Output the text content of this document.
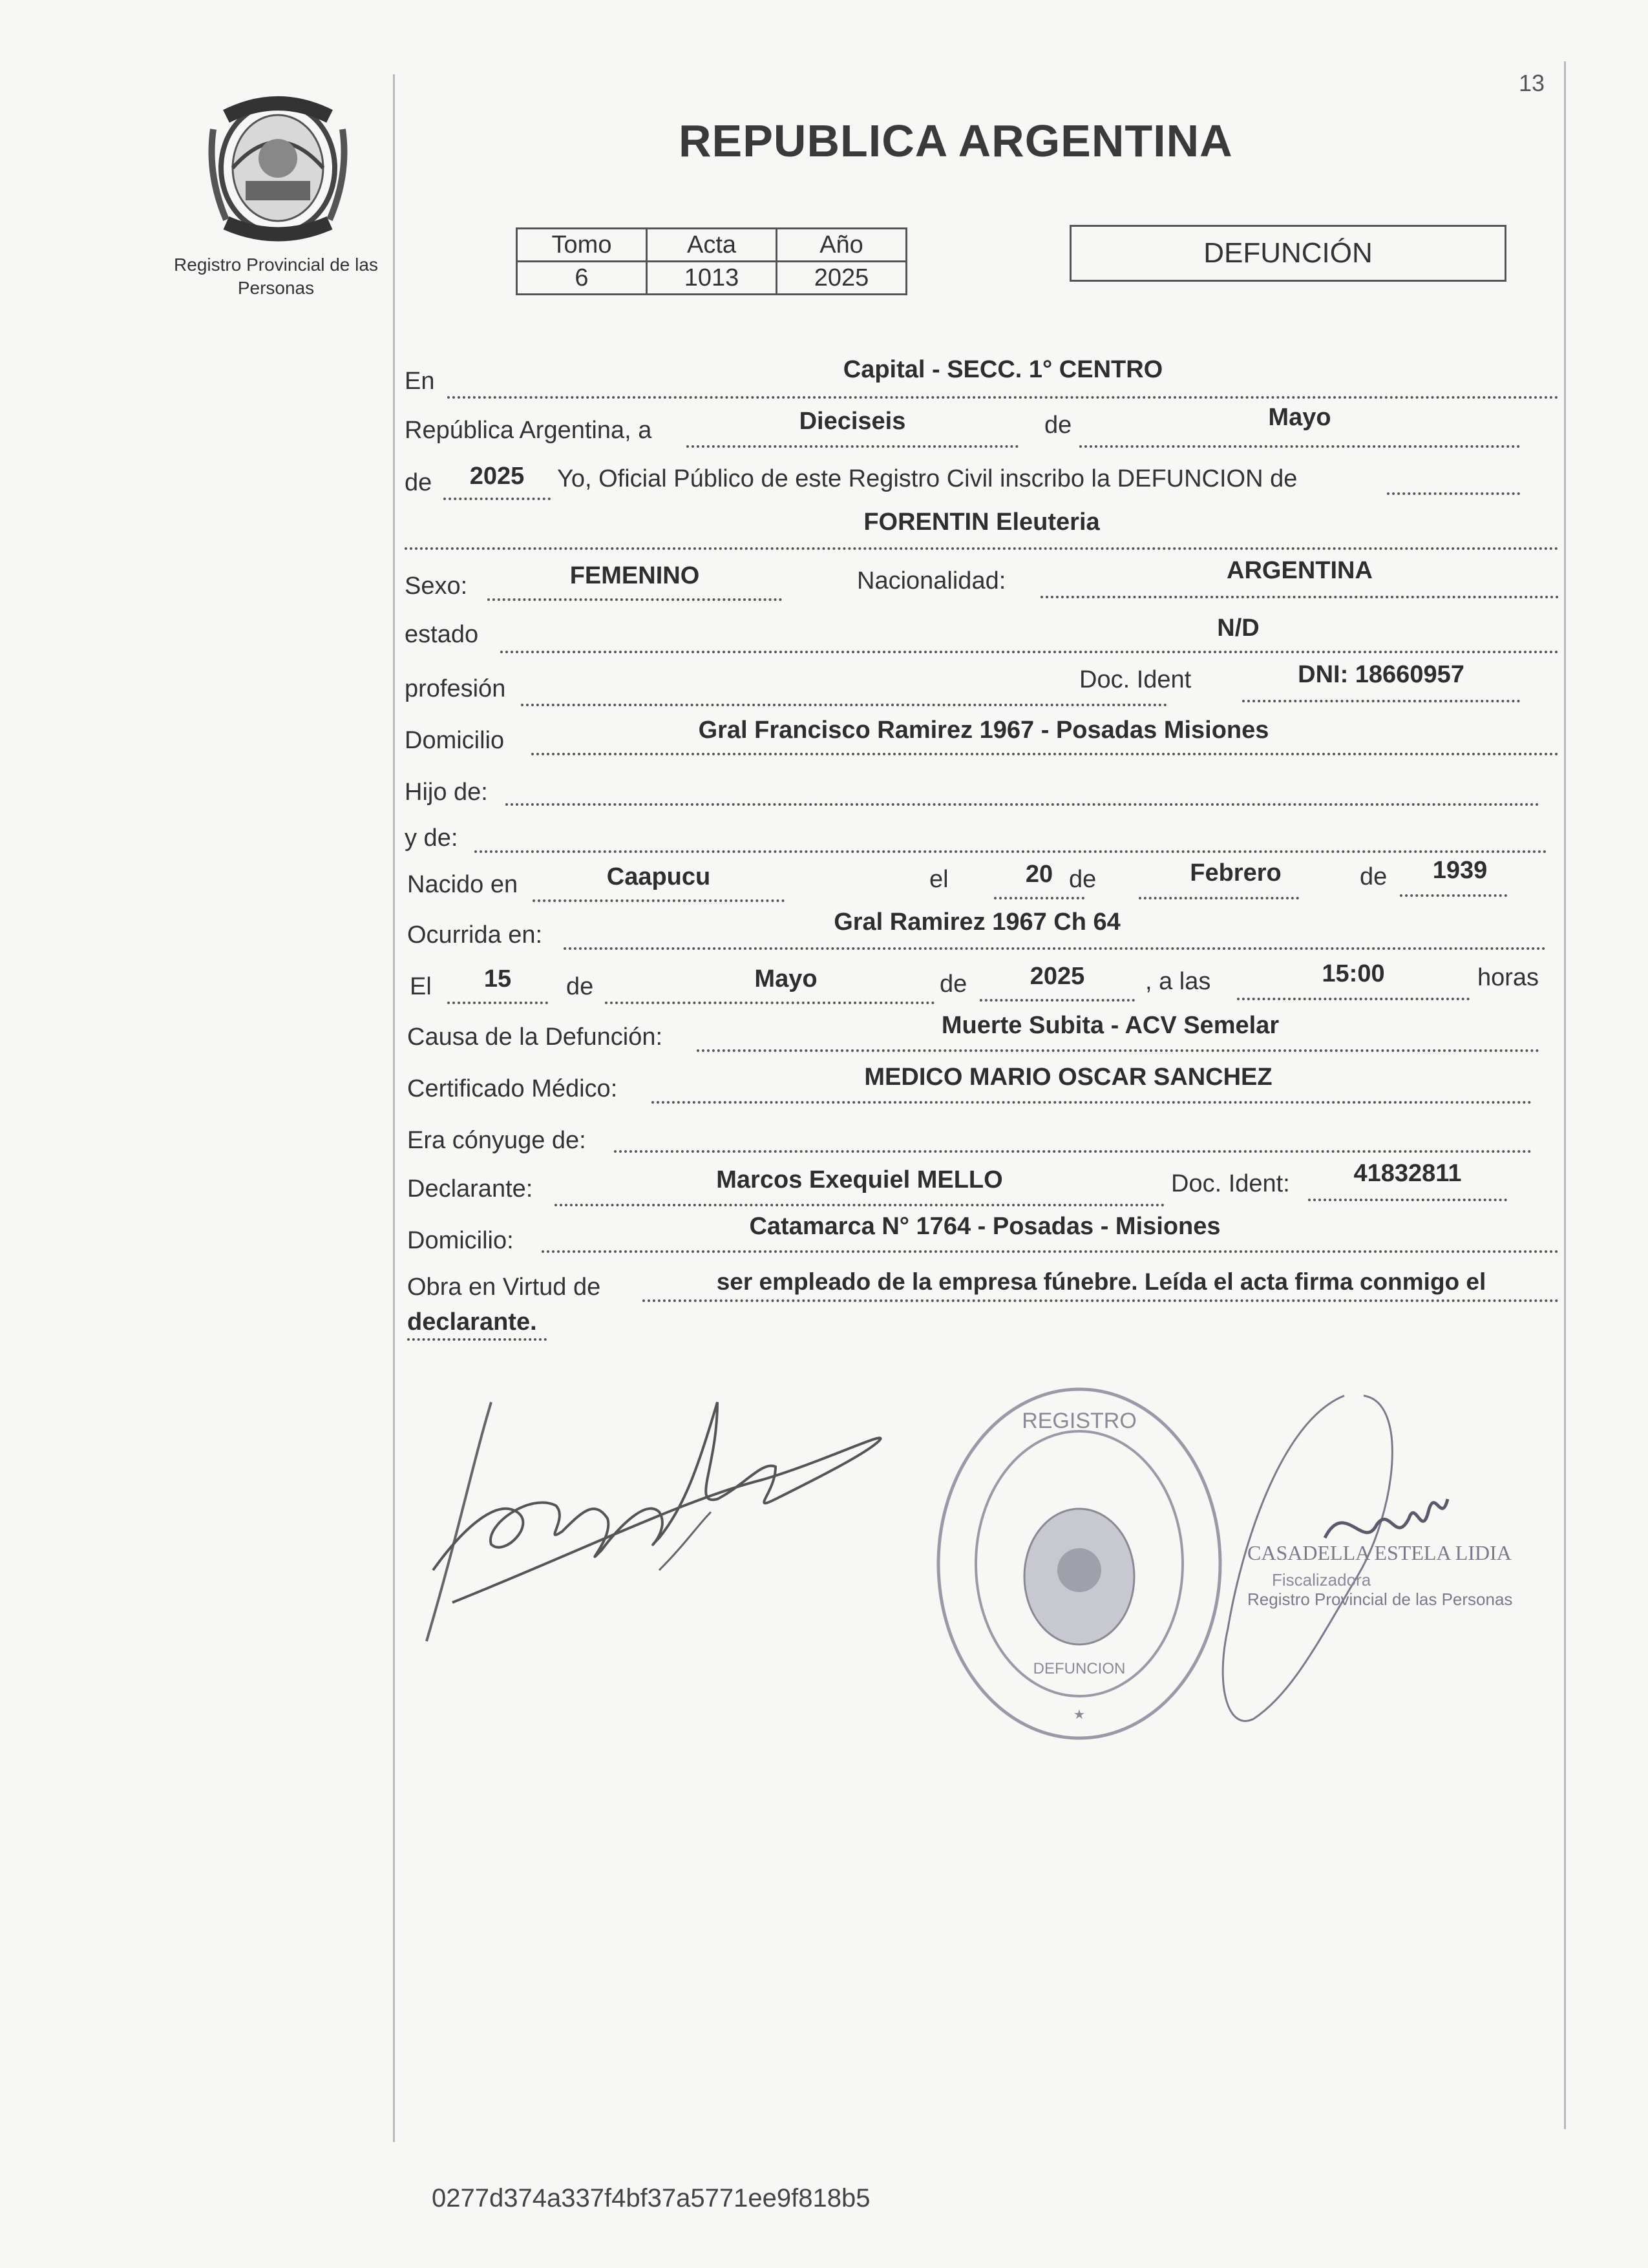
Registro Provincial de las Personas
13
REPUBLICA ARGENTINA
Tomo	Acta	Año
6	1013	2025
DEFUNCIÓN
En	Capital - SECC. 1° CENTRO
República Argentina, a	Dieciseis	de	Mayo
de	2025	Yo, Oficial Público de este Registro Civil inscribo la DEFUNCION de
FORENTIN Eleuteria
Sexo:	FEMENINO	Nacionalidad:	ARGENTINA
estado	N/D
profesión	Doc. Ident	DNI: 18660957
Domicilio	Gral Francisco Ramirez 1967 - Posadas Misiones
Hijo de:
y de:
Nacido en	Caapucu	el	20 de	Febrero	de	1939
Ocurrida en:	Gral Ramirez 1967 Ch 64
El	15	de	Mayo	de	2025	, a las	15:00	horas
Causa de la Defunción:	Muerte Subita - ACV Semelar
Certificado Médico:	MEDICO MARIO OSCAR SANCHEZ
Era cónyuge de:
Declarante:	Marcos Exequiel MELLO	Doc. Ident:	41832811
Domicilio:
Catamarca N° 1764 - Posadas - Misiones
Obra en Virtud de	ser empleado de la empresa fúnebre. Leída el acta firma conmigo el
declarante.
REGISTRO
★
DEFUNCION
CASADELLA ESTELA LIDIA
Fiscalizadora
Registro Provincial de las Personas
0277d374a337f4bf37a5771ee9f818b5
